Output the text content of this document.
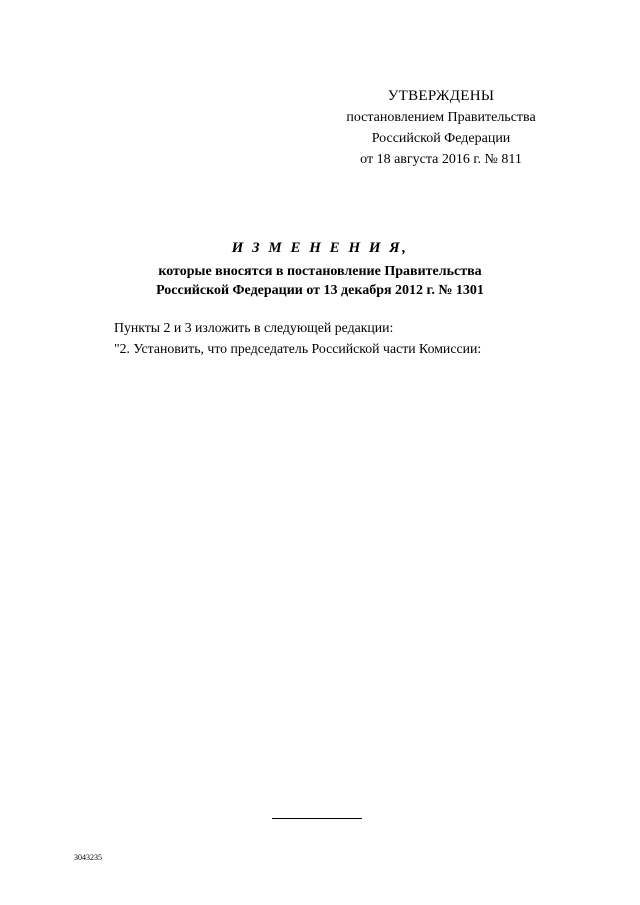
УТВЕРЖДЕНЫ
постановлением Правительства
Российской Федерации
от 18 августа 2016 г. № 811
И З М Е Н Е Н И Я,
которые вносятся в постановление Правительства
Российской Федерации от 13 декабря 2012 г. № 1301

Пункты 2 и 3 изложить в следующей редакции:

"2. Установить, что председатель Российской части Комиссии:

3043235
